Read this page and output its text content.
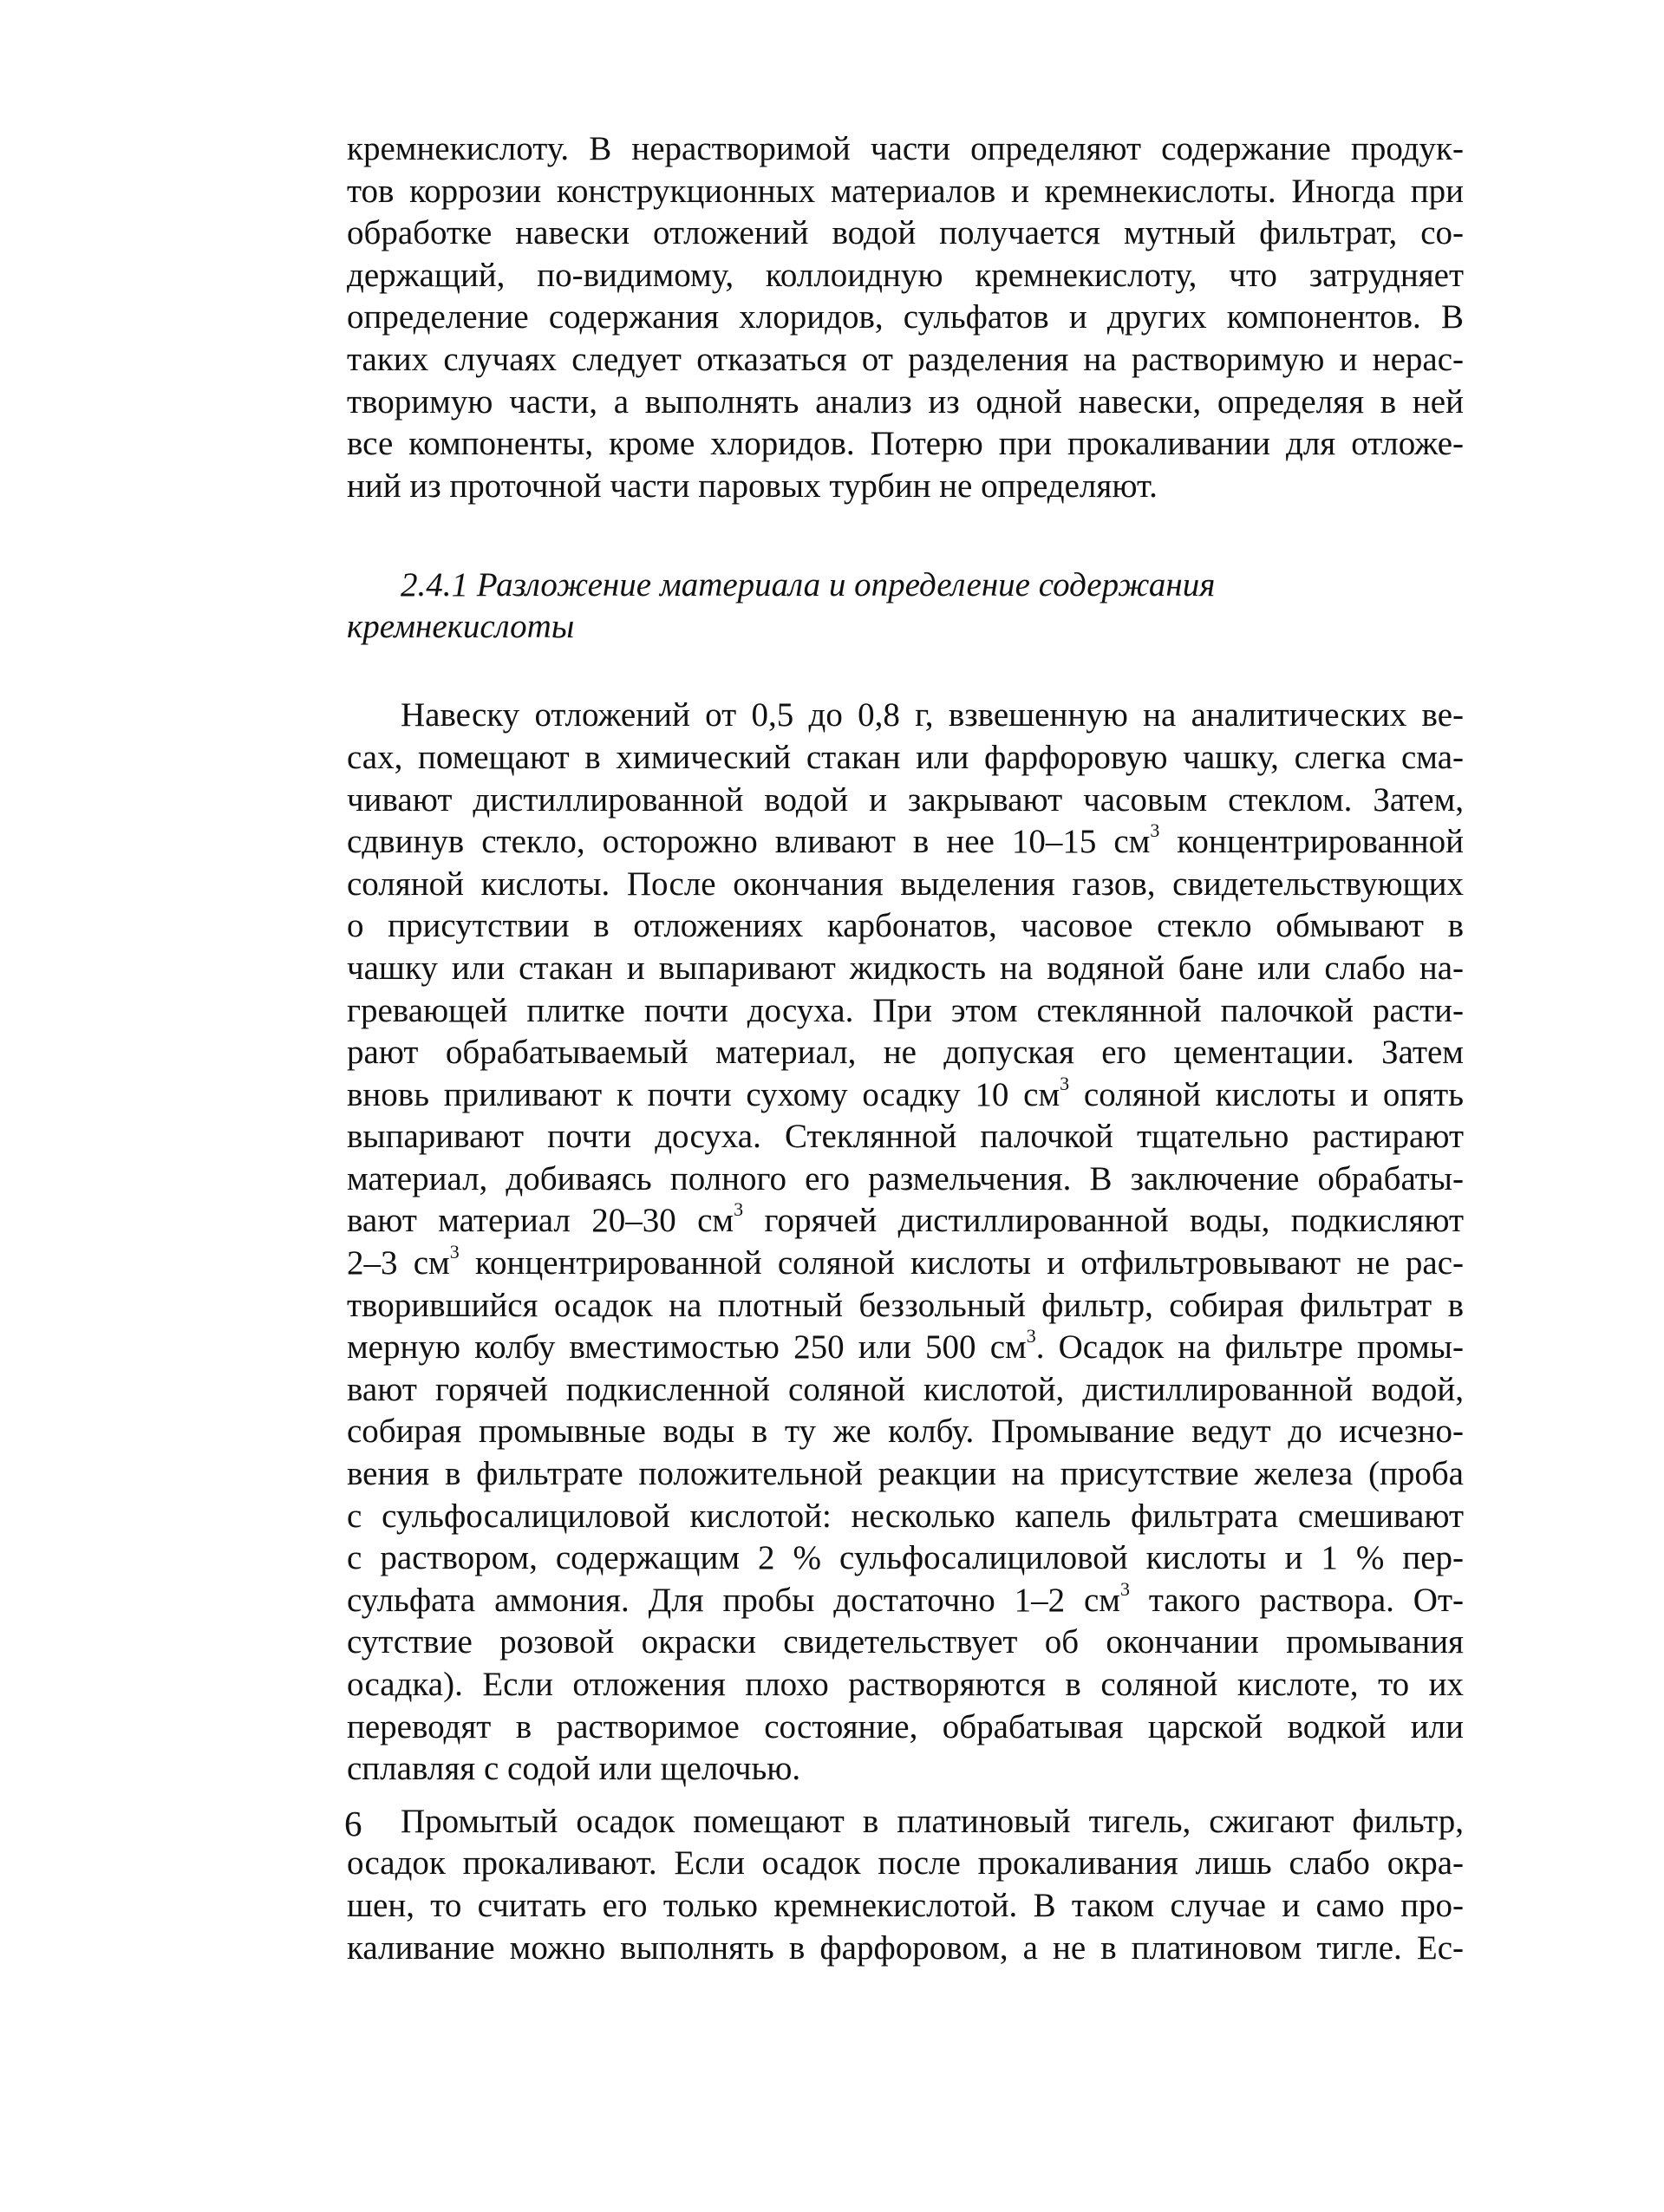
кремнекислоту. В нерастворимой части определяют содержание продук-
тов коррозии конструкционных материалов и кремнекислоты. Иногда при
обработке навески отложений водой получается мутный фильтрат, со-
держащий, по-видимому, коллоидную кремнекислоту, что затрудняет
определение содержания хлоридов, сульфатов и других компонентов. В
таких случаях следует отказаться от разделения на растворимую и нерас-
творимую части, а выполнять анализ из одной навески, определяя в ней
все компоненты, кроме хлоридов. Потерю при прокаливании для отложе-
ний из проточной части паровых турбин не определяют.

2.4.1 Разложение материала и определение содержания
кремнекислоты

Навеску отложений от 0,5 до 0,8 г, взвешенную на аналитических ве-
сах, помещают в химический стакан или фарфоровую чашку, слегка сма-
чивают дистиллированной водой и закрывают часовым стеклом. Затем,
сдвинув стекло, осторожно вливают в нее 10–15 $см^3$ концентрированной
соляной кислоты. После окончания выделения газов, свидетельствующих
о присутствии в отложениях карбонатов, часовое стекло обмывают в
чашку или стакан и выпаривают жидкость на водяной бане или слабо на-
гревающей плитке почти досуха. При этом стеклянной палочкой расти-
рают обрабатываемый материал, не допуская его цементации. Затем
вновь приливают к почти сухому осадку 10 $см^3$ соляной кислоты и опять
выпаривают почти досуха. Стеклянной палочкой тщательно растирают
материал, добиваясь полного его размельчения. В заключение обрабаты-
вают материал 20–30 $см^3$ горячей дистиллированной воды, подкисляют
2–3 $см^3$ концентрированной соляной кислоты и отфильтровывают не рас-
творившийся осадок на плотный беззольный фильтр, собирая фильтрат в
мерную колбу вместимостью 250 или 500 $см^3$. Осадок на фильтре промы-
вают горячей подкисленной соляной кислотой, дистиллированной водой,
собирая промывные воды в ту же колбу. Промывание ведут до исчезно-
вения в фильтрате положительной реакции на присутствие железа (проба
с сульфосалициловой кислотой: несколько капель фильтрата смешивают
с раствором, содержащим 2 % сульфосалициловой кислоты и 1 % пер-
сульфата аммония. Для пробы достаточно 1–2 $см^3$ такого раствора. От-
сутствие розовой окраски свидетельствует об окончании промывания
осадка). Если отложения плохо растворяются в соляной кислоте, то их
переводят в растворимое состояние, обрабатывая царской водкой или
сплавляя с содой или щелочью.

Промытый осадок помещают в платиновый тигель, сжигают фильтр,
осадок прокаливают. Если осадок после прокаливания лишь слабо окра-
шен, то считать его только кремнекислотой. В таком случае и само про-
каливание можно выполнять в фарфоровом, а не в платиновом тигле. Ес-

6
